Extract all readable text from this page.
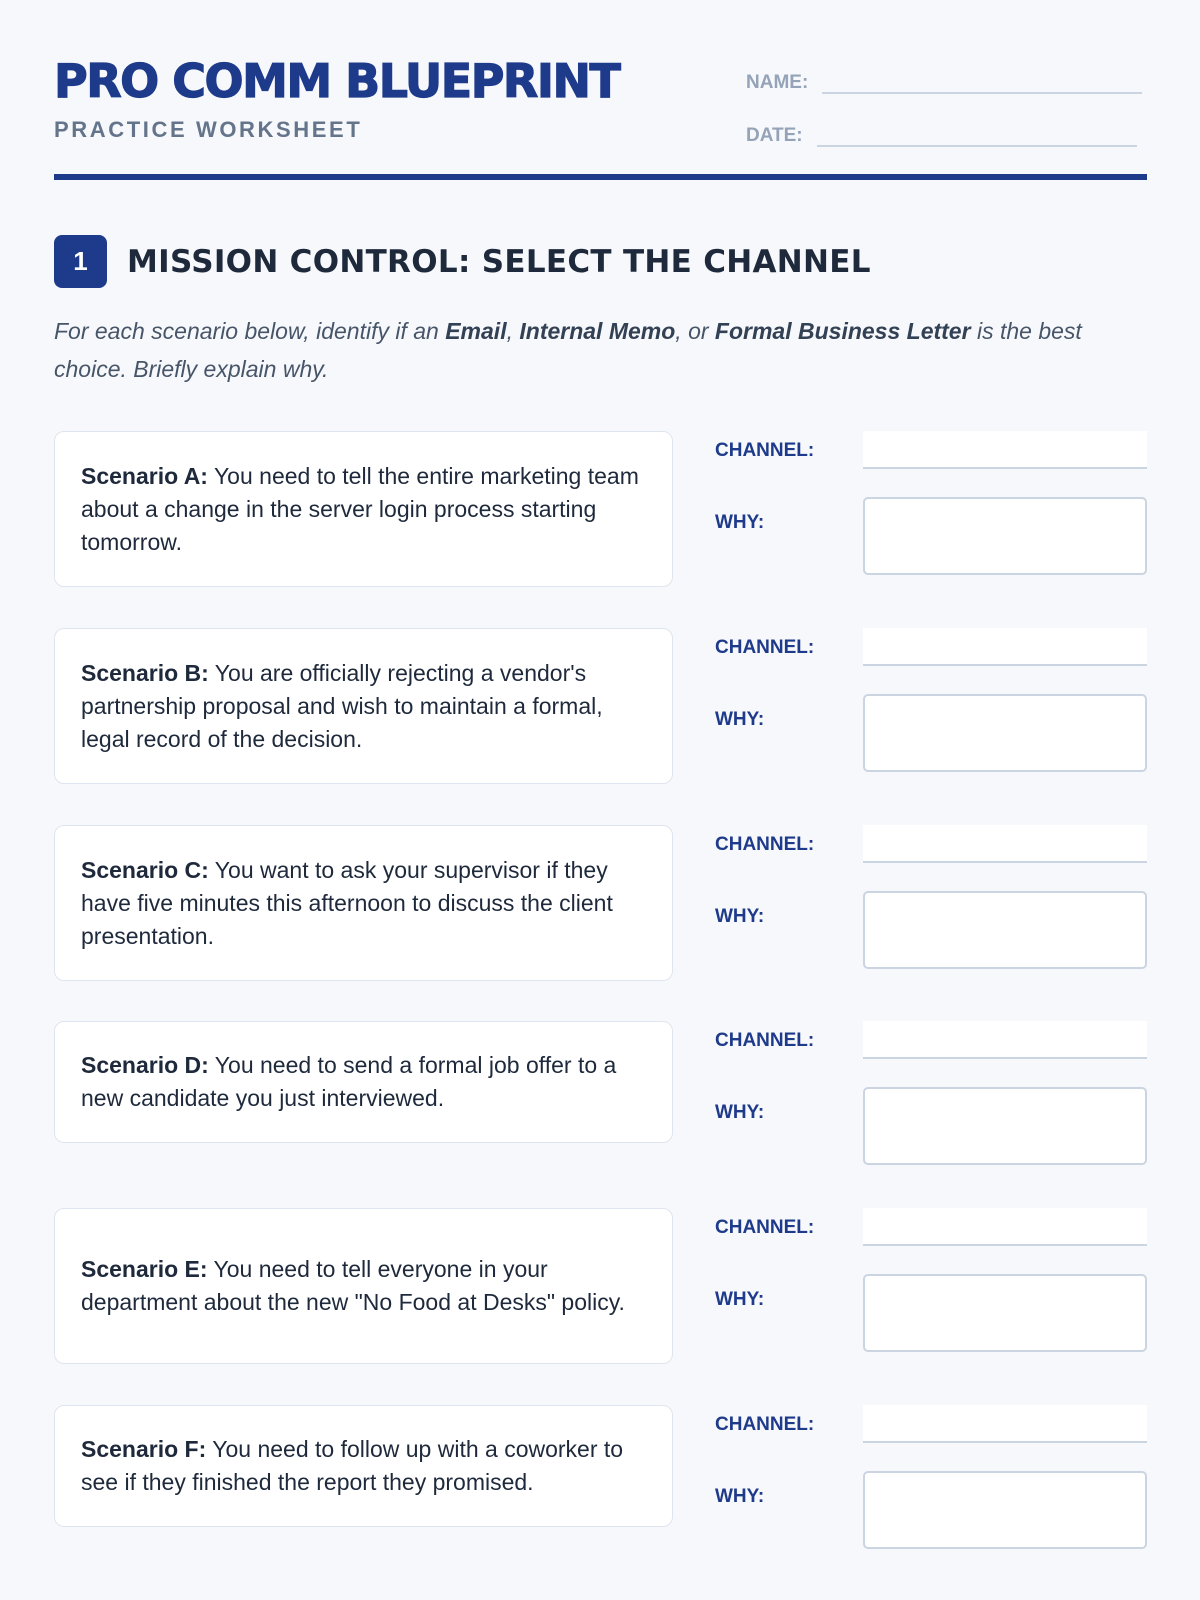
PRO COMM BLUEPRINT
PRACTICE WORKSHEET
NAME:
DATE:
1	MISSION CONTROL: SELECT THE CHANNEL
For each scenario below, identify if an Email, Internal Memo, or Formal Business Letter is the best choice. Briefly explain why.
Scenario A: You need to tell the entire marketing team about a change in the server login process starting tomorrow.
CHANNEL:
WHY:
Scenario B: You are officially rejecting a vendor's partnership proposal and wish to maintain a formal, legal record of the decision.
CHANNEL:
WHY:
Scenario C: You want to ask your supervisor if they have five minutes this afternoon to discuss the client presentation.
CHANNEL:
WHY:
Scenario D: You need to send a formal job offer to a new candidate you just interviewed.
CHANNEL:
WHY:
Scenario E: You need to tell everyone in your department about the new "No Food at Desks" policy.
CHANNEL:
WHY:
Scenario F: You need to follow up with a coworker to see if they finished the report they promised.
CHANNEL:
WHY:
